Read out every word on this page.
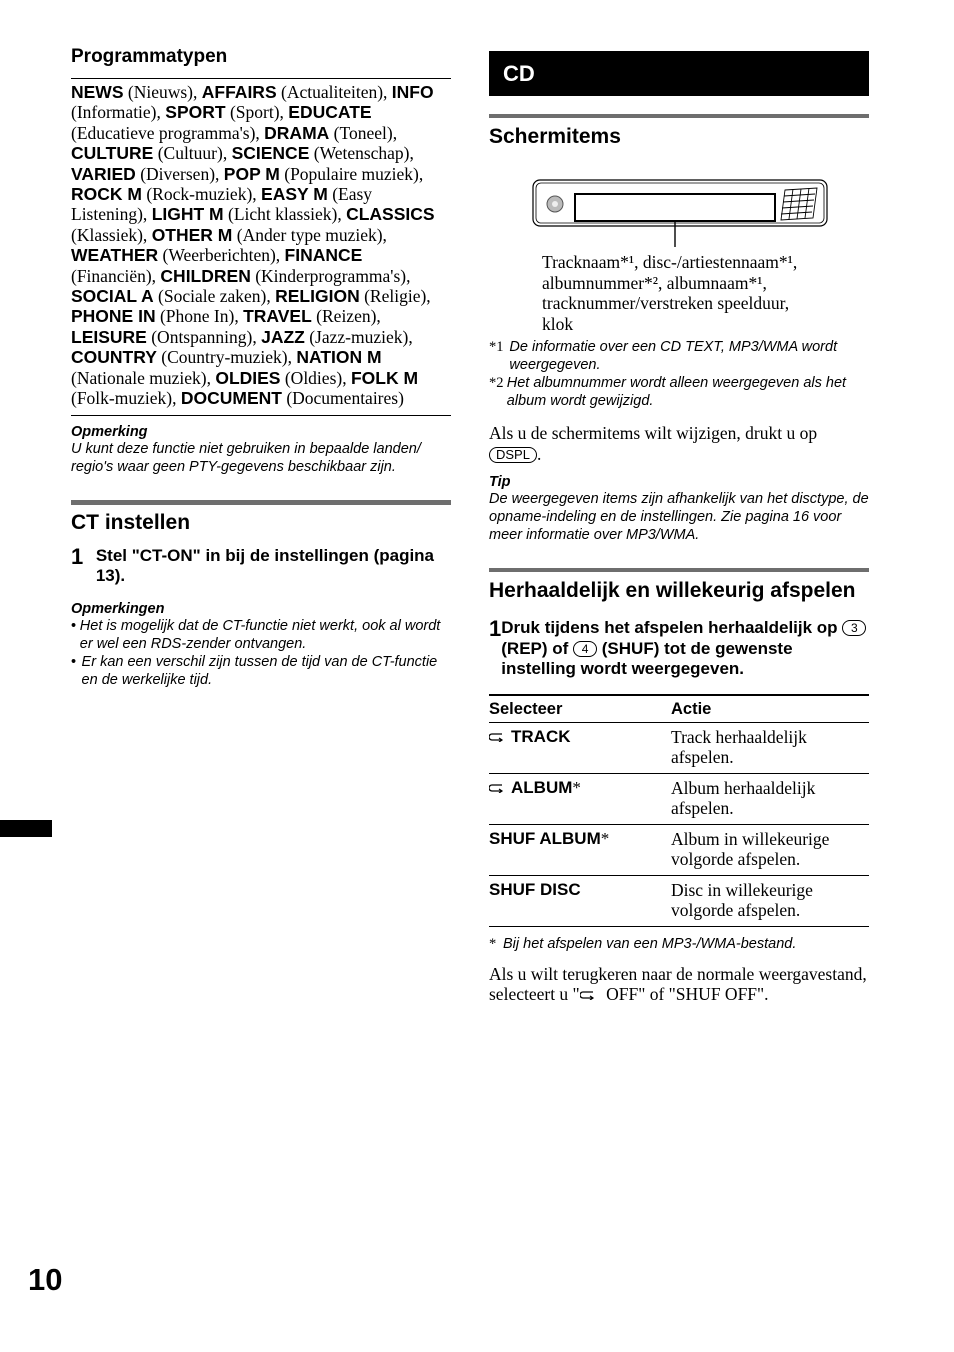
Programmatypen
NEWS (Nieuws), AFFAIRS (Actualiteiten), INFO (Informatie), SPORT (Sport), EDUCATE (Educatieve programma's), DRAMA (Toneel), CULTURE (Cultuur), SCIENCE (Wetenschap), VARIED (Diversen), POP M (Populaire muziek), ROCK M (Rock-muziek), EASY M (Easy Listening), LIGHT M (Licht klassiek), CLASSICS (Klassiek), OTHER M (Ander type muziek), WEATHER (Weerberichten), FINANCE (Financiën), CHILDREN (Kinderprogramma's), SOCIAL A (Sociale zaken), RELIGION (Religie), PHONE IN (Phone In), TRAVEL (Reizen), LEISURE (Ontspanning), JAZZ (Jazz-muziek), COUNTRY (Country-muziek), NATION M (Nationale muziek), OLDIES (Oldies), FOLK M (Folk-muziek), DOCUMENT (Documentaires)
Opmerking
U kunt deze functie niet gebruiken in bepaalde landen/ regio's waar geen PTY-gegevens beschikbaar zijn.
CT instellen
1 Stel "CT-ON" in bij de instellingen (pagina 13).
Opmerkingen
• Het is mogelijk dat de CT-functie niet werkt, ook al wordt er wel een RDS-zender ontvangen.
• Er kan een verschil zijn tussen de tijd van de CT-functie en de werkelijke tijd.
CD
Schermitems
Tracknaam*¹, disc-/artiestennaam*¹,
albumnummer*², albumnaam*¹,
tracknummer/verstreken speelduur,
klok
*1 De informatie over een CD TEXT, MP3/WMA wordt weergegeven.
*2 Het albumnummer wordt alleen weergegeven als het album wordt gewijzigd.
Als u de schermitems wilt wijzigen, drukt u op
DSPL .
Tip
De weergegeven items zijn afhankelijk van het disctype, de opname-indeling en de instellingen. Zie pagina 16 voor meer informatie over MP3/WMA.
Herhaaldelijk en willekeurig afspelen
1 Druk tijdens het afspelen herhaaldelijk op 3 (REP) of 4 (SHUF) tot de gewenste instelling wordt weergegeven.
Selecteer	Actie
TRACK	Track herhaaldelijk afspelen.
ALBUM*	Album herhaaldelijk afspelen.
SHUF ALBUM*	Album in willekeurige volgorde afspelen.
SHUF DISC	Disc in willekeurige volgorde afspelen.
* Bij het afspelen van een MP3-/WMA-bestand.
Als u wilt terugkeren naar de normale weergavestand, selecteert u " OFF" of "SHUF OFF".
10
